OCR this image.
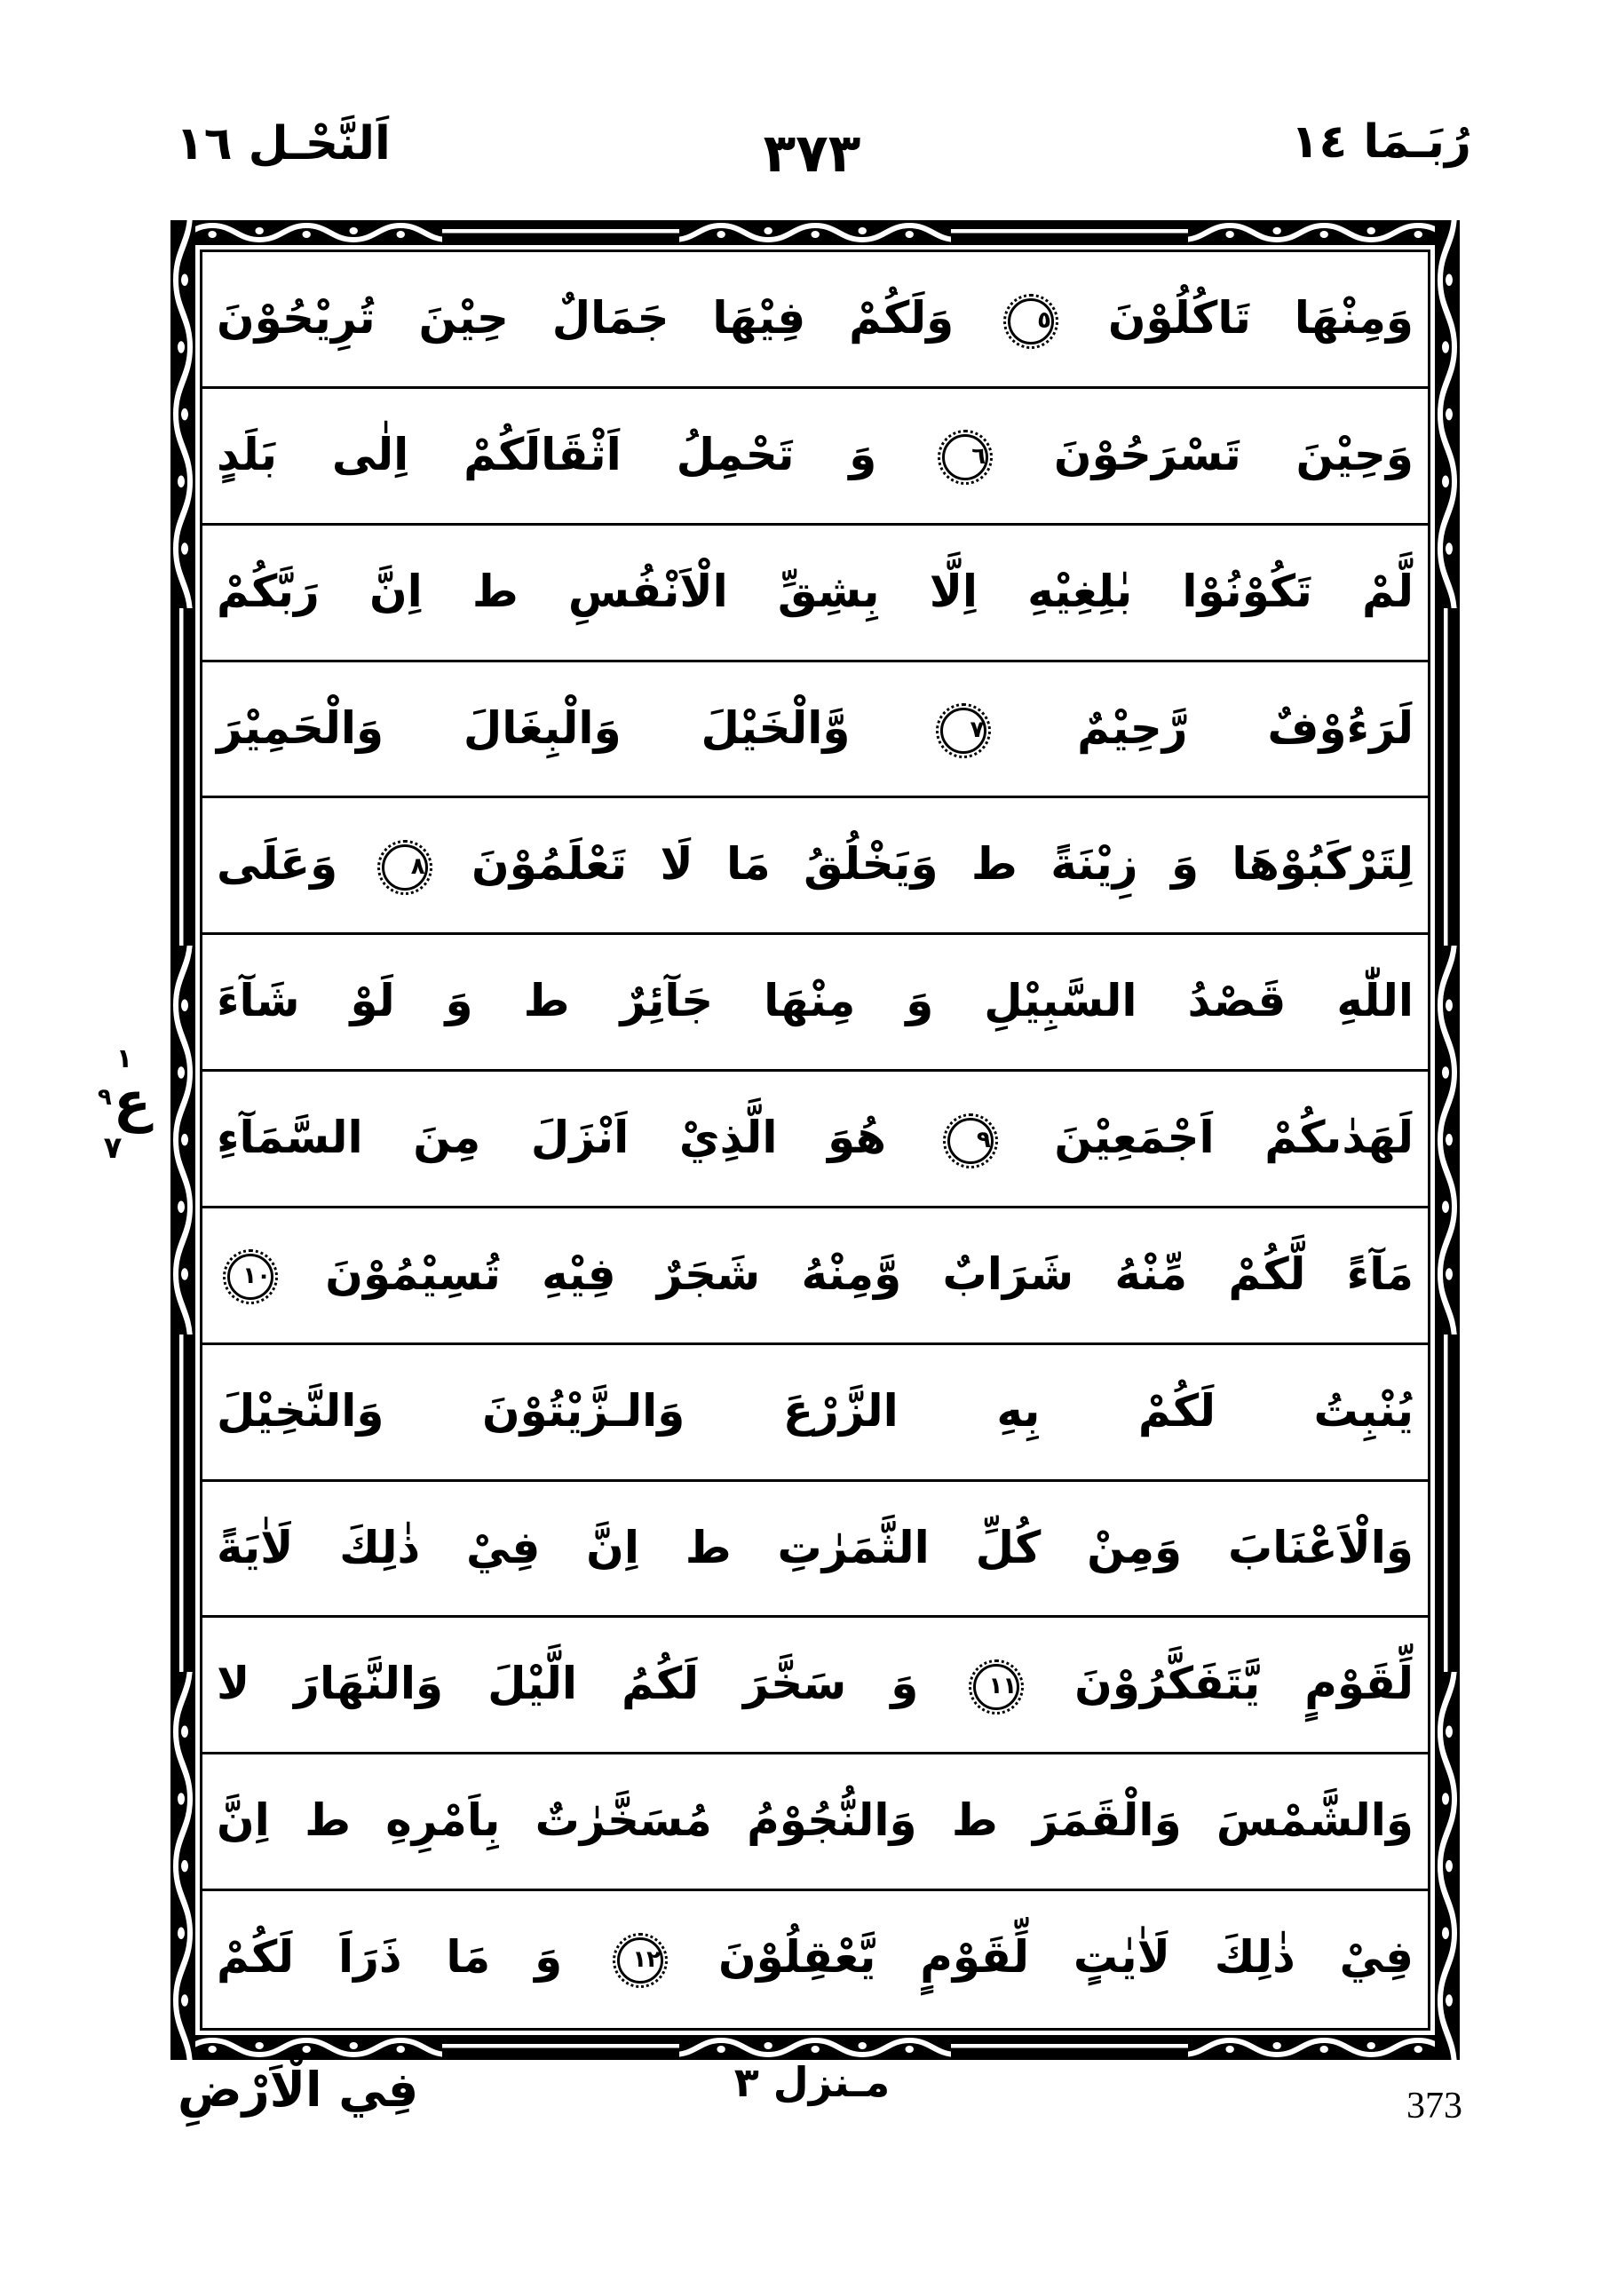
اَلنَّحْـل ١٦	٣٧٣	رُبَـمَا ١٤
وَمِنْهَا تَاكُلُوْنَ ٥ وَلَكُمْ فِيْهَا جَمَالٌ حِيْنَ تُرِيْحُوْنَ
وَحِيْنَ تَسْرَحُوْنَ ٦ وَ تَحْمِلُ اَثْقَالَكُمْ اِلٰى بَلَدٍ
لَّمْ تَكُوْنُوْا بٰلِغِيْهِ اِلَّا بِشِقِّ الْاَنْفُسِ ط اِنَّ رَبَّكُمْ
لَرَءُوْفٌ رَّحِيْمٌ ٧ وَّالْخَيْلَ وَالْبِغَالَ وَالْحَمِيْرَ
لِتَرْكَبُوْهَا وَ زِيْنَةً ط وَيَخْلُقُ مَا لَا تَعْلَمُوْنَ ٨ وَعَلَى
اللّٰهِ قَصْدُ السَّبِيْلِ وَ مِنْهَا جَآئِرٌ ط وَ لَوْ شَآءَ
لَهَدٰىكُمْ اَجْمَعِيْنَ ٩ هُوَ الَّذِيْ اَنْزَلَ مِنَ السَّمَآءِ
مَآءً لَّكُمْ مِّنْهُ شَرَابٌ وَّمِنْهُ شَجَرٌ فِيْهِ تُسِيْمُوْنَ ١٠
يُنْبِتُ لَكُمْ بِهِ الزَّرْعَ وَالـزَّيْتُوْنَ وَالنَّخِيْلَ
وَالْاَعْنَابَ وَمِنْ كُلِّ الثَّمَرٰتِ ط اِنَّ فِيْ ذٰلِكَ لَاٰيَةً
لِّقَوْمٍ يَّتَفَكَّرُوْنَ ١١ وَ سَخَّرَ لَكُمُ الَّيْلَ وَالنَّهَارَ لا
وَالشَّمْسَ وَالْقَمَرَ ط وَالنُّجُوْمُ مُسَخَّرٰتٌ بِاَمْرِهِ ط اِنَّ
فِيْ ذٰلِكَ لَاٰيٰتٍ لِّقَوْمٍ يَّعْقِلُوْنَ ١٢ وَ مَا ذَرَاَ لَكُمْ
١
ع٩
٧
فِي الْاَرْضِ	مـنزل ٣	373
